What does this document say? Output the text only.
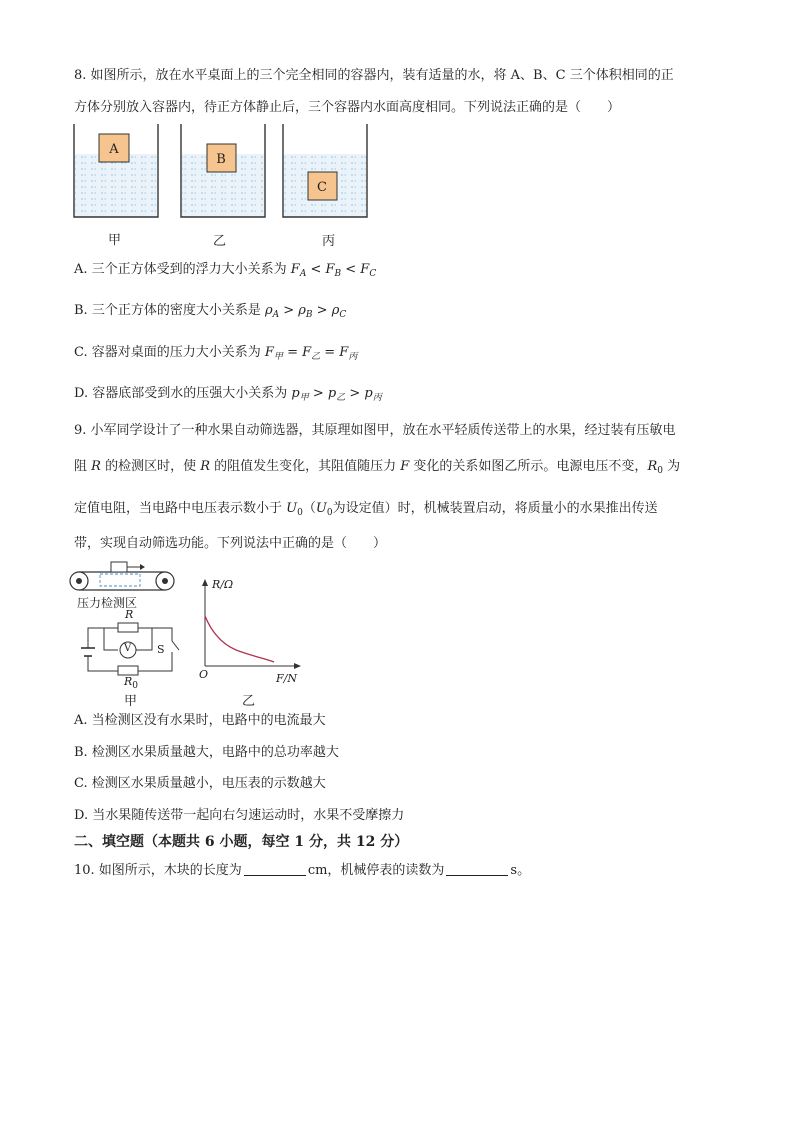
8. 如图所示，放在水平桌面上的三个完全相同的容器内，装有适量的水，将 A、B、C 三个体积相同的正
方体分别放入容器内，待正方体静止后，三个容器内水面高度相同。下列说法正确的是（　　）
A
B
C
甲	乙	丙
A. 三个正方体受到的浮力大小关系为 $F_A < F_B < F_C$
B. 三个正方体的密度大小关系是 $\rho_A > \rho_B > \rho_C$
C. 容器对桌面的压力大小关系为 $F_甲 = F_乙 = F_丙$
D. 容器底部受到水的压强大小关系为 $p_甲 > p_乙 > p_丙$
9. 小军同学设计了一种水果自动筛选器，其原理如图甲，放在水平轻质传送带上的水果，经过装有压敏电
阻 R 的检测区时，使 R 的阻值发生变化，其阻值随压力 F 变化的关系如图乙所示。电源电压不变，$R_0$ 为
定值电阻，当电路中电压表示数小于 $U_0(U_0$为设定值）时，机械装置启动，将质量小的水果推出传送
带，实现自动筛选功能。下列说法中正确的是（　　）
压力检测区
R
V S
$R_0$
甲
R/Ω
O	F/N
乙
A. 当检测区没有水果时，电路中的电流最大
B. 检测区水果质量越大，电路中的总功率越大
C. 检测区水果质量越小，电压表的示数越大
D. 当水果随传送带一起向右匀速运动时，水果不受摩擦力
二、填空题（本题共 6 小题，每空 1 分，共 12 分）
10. 如图所示，木块的长度为	cm，机械停表的读数为	s。
